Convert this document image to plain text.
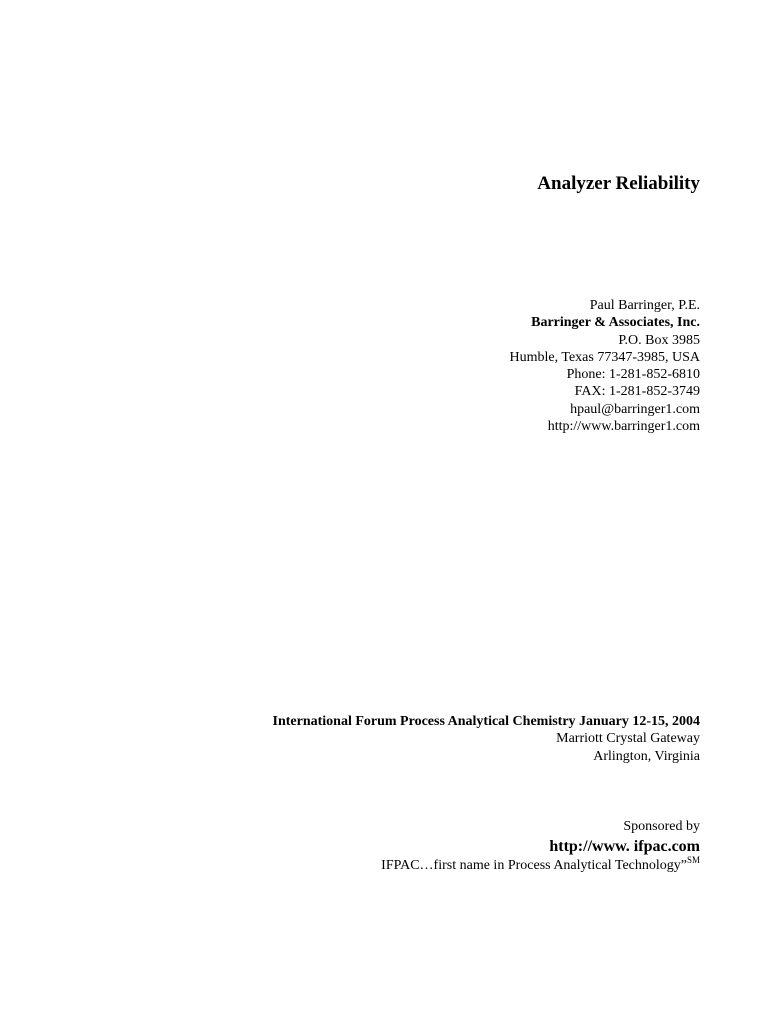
Analyzer Reliability
Paul Barringer, P.E.
Barringer & Associates, Inc.
P.O. Box 3985
Humble, Texas 77347-3985, USA
Phone: 1-281-852-6810
FAX: 1-281-852-3749
hpaul@barringer1.com
http://www.barringer1.com
International Forum Process Analytical Chemistry January 12-15, 2004
Marriott Crystal Gateway
Arlington, Virginia
Sponsored by
http://www. ifpac.com
IFPAC…first name in Process Analytical Technology”℠
